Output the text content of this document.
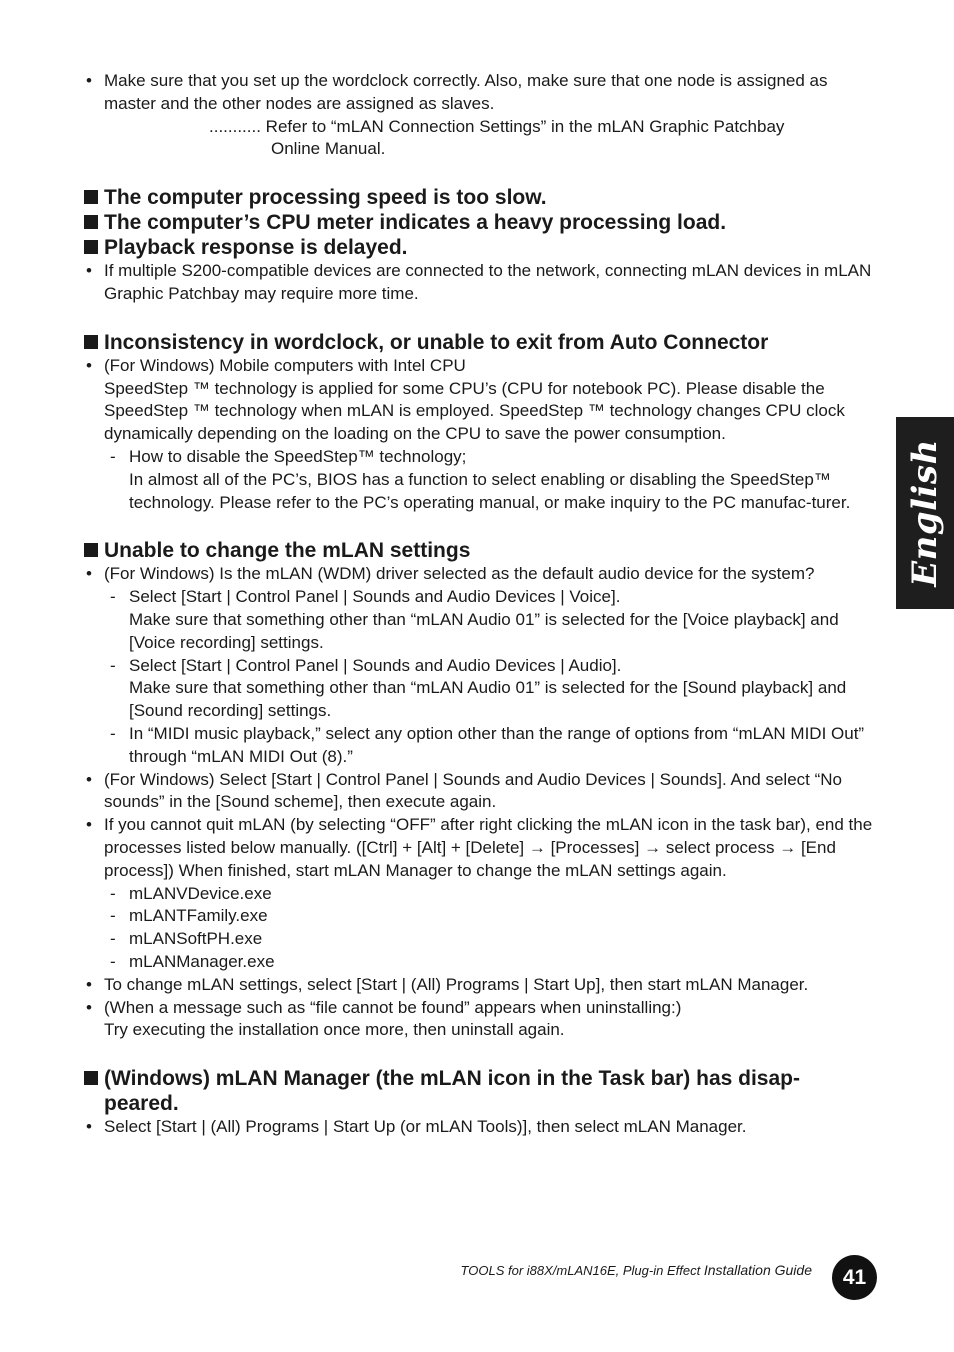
English
• Make sure that you set up the wordclock correctly. Also, make sure that one node is assigned as master and the other nodes are assigned as slaves.
........... Refer to “mLAN Connection Settings” in the mLAN Graphic Patchbay
Online Manual.
The computer processing speed is too slow.
The computer’s CPU meter indicates a heavy processing load.
Playback response is delayed.
• If multiple S200-compatible devices are connected to the network, connecting mLAN devices in mLAN Graphic Patchbay may require more time.
Inconsistency in wordclock, or unable to exit from Auto Connector
• (For Windows) Mobile computers with Intel CPU
SpeedStep ™ technology is applied for some CPU’s (CPU for notebook PC). Please disable the SpeedStep ™ technology when mLAN is employed. SpeedStep ™ technology changes CPU clock dynamically depending on the loading on the CPU to save the power consumption.
- How to disable the SpeedStep™ technology;
In almost all of the PC’s, BIOS has a function to select enabling or disabling the SpeedStep™ technology. Please refer to the PC’s operating manual, or make inquiry to the PC manufac-turer.
Unable to change the mLAN settings
• (For Windows) Is the mLAN (WDM) driver selected as the default audio device for the system?
- Select [Start | Control Panel | Sounds and Audio Devices | Voice].
Make sure that something other than “mLAN Audio 01” is selected for the [Voice playback] and [Voice recording] settings.
- Select [Start | Control Panel | Sounds and Audio Devices | Audio].
Make sure that something other than “mLAN Audio 01” is selected for the [Sound playback] and [Sound recording] settings.
- In “MIDI music playback,” select any option other than the range of options from “mLAN MIDI Out” through “mLAN MIDI Out (8).”
• (For Windows) Select [Start | Control Panel | Sounds and Audio Devices | Sounds]. And select “No sounds” in the [Sound scheme], then execute again.
• If you cannot quit mLAN (by selecting “OFF” after right clicking the mLAN icon in the task bar), end the processes listed below manually. ([Ctrl] + [Alt] + [Delete] → [Processes] → select process → [End process]) When finished, start mLAN Manager to change the mLAN settings again.
- mLANVDevice.exe
- mLANTFamily.exe
- mLANSoftPH.exe
- mLANManager.exe
• To change mLAN settings, select [Start | (All) Programs | Start Up], then start mLAN Manager.
• (When a message such as “file cannot be found” appears when uninstalling:)
Try executing the installation once more, then uninstall again.
(Windows) mLAN Manager (the mLAN icon in the Task bar) has disap-peared.
• Select [Start | (All) Programs | Start Up (or mLAN Tools)], then select mLAN Manager.
TOOLS for i88X/mLAN16E, Plug-in Effect Installation Guide	41
